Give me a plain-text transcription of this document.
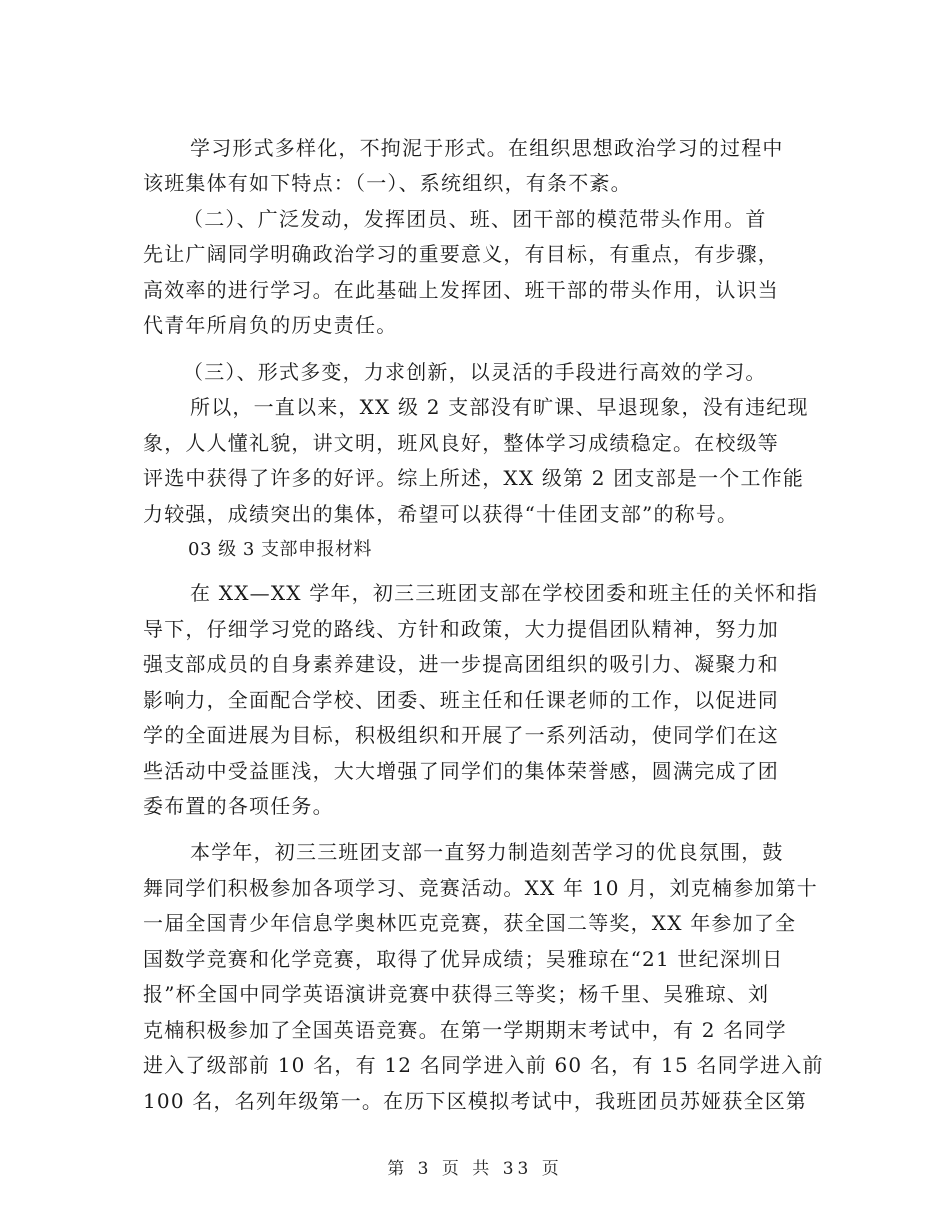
学习形式多样化，不拘泥于形式。在组织思想政治学习的过程中

该班集体有如下特点：（一）、系统组织，有条不紊。

（二）、广泛发动，发挥团员、班、团干部的模范带头作用。首

先让广阔同学明确政治学习的重要意义，有目标，有重点，有步骤，

高效率的进行学习。在此基础上发挥团、班干部的带头作用，认识当

代青年所肩负的历史责任。

（三）、形式多变，力求创新，以灵活的手段进行高效的学习。

所以，一直以来，XX 级 2 支部没有旷课、早退现象，没有违纪现

象，人人懂礼貌，讲文明，班风良好，整体学习成绩稳定。在校级等

评选中获得了许多的好评。综上所述，XX 级第 2 团支部是一个工作能

力较强，成绩突出的集体，希望可以获得“十佳团支部”的称号。

03 级 3 支部申报材料

在 XX—XX 学年，初三三班团支部在学校团委和班主任的关怀和指

导下，仔细学习党的路线、方针和政策，大力提倡团队精神，努力加

强支部成员的自身素养建设，进一步提高团组织的吸引力、凝聚力和

影响力，全面配合学校、团委、班主任和任课老师的工作，以促进同

学的全面进展为目标，积极组织和开展了一系列活动，使同学们在这

些活动中受益匪浅，大大增强了同学们的集体荣誉感，圆满完成了团

委布置的各项任务。

本学年，初三三班团支部一直努力制造刻苦学习的优良氛围，鼓

舞同学们积极参加各项学习、竞赛活动。XX 年 10 月，刘克楠参加第十

一届全国青少年信息学奥林匹克竞赛，获全国二等奖，XX 年参加了全

国数学竞赛和化学竞赛，取得了优异成绩；吴雅琼在“21 世纪深圳日

报”杯全国中同学英语演讲竞赛中获得三等奖；杨千里、吴雅琼、刘

克楠积极参加了全国英语竞赛。在第一学期期末考试中，有 2 名同学

进入了级部前 10 名，有 12 名同学进入前 60 名，有 15 名同学进入前

100 名，名列年级第一。在历下区模拟考试中，我班团员苏娅获全区第

第 3 页 共 33 页
